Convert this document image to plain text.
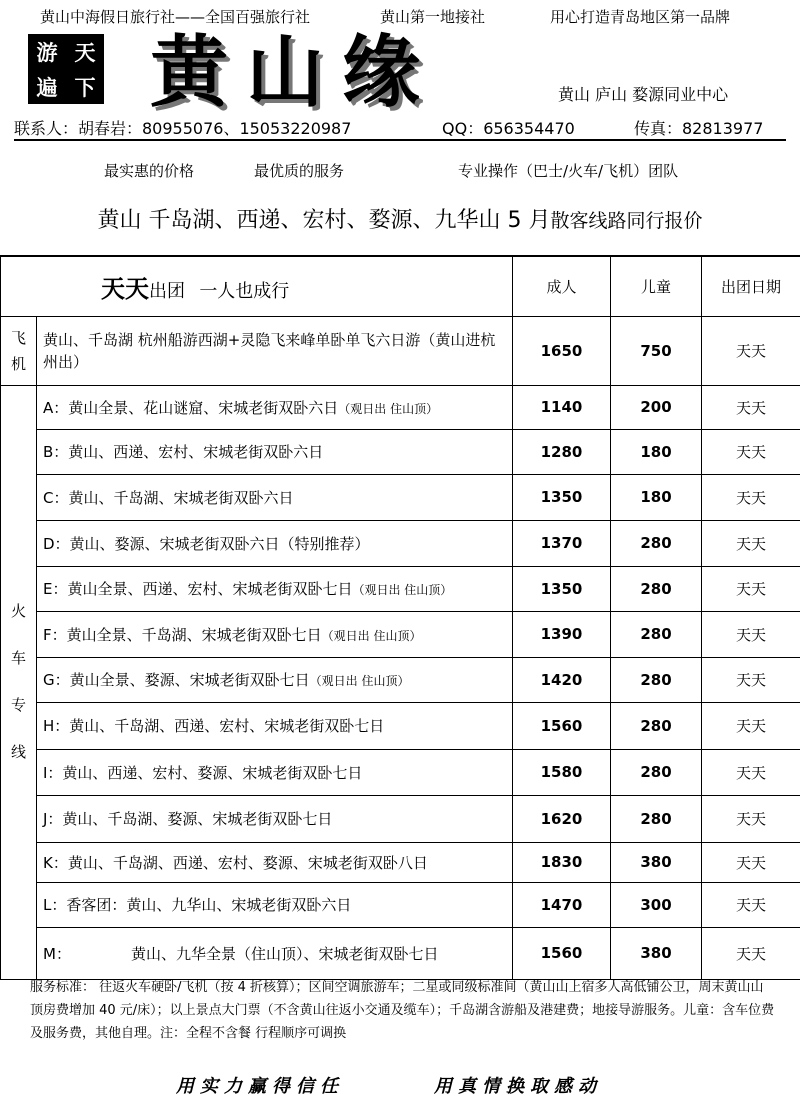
黄山中海假日旅行社——全国百强旅行社	黄山第一地接社	用心打造青岛地区第一品牌
游 天
遍 下 黄山缘	黄山 庐山 婺源同业中心
联系人：胡春岩：80955076、15053220987	QQ：656354470	传真：82813977
最实惠的价格	最优质的服务	专业操作（巴士/火车/飞机）团队
黄山 千岛湖、西递、宏村、婺源、九华山 5 月散客线路同行报价
天天出团 一人也成行		成人	儿童	出团日期

飞
机	黄山、千岛湖 杭州船游西湖+灵隐飞来峰单卧单飞六日游（黄山进杭州出）	1650	750	天天

火
车
专
线	A：黄山全景、花山谜窟、宋城老街双卧六日（观日出 住山顶）	1140	200	天天
	B：黄山、西递、宏村、宋城老街双卧六日	1280	180	天天
	C：黄山、千岛湖、宋城老街双卧六日	1350	180	天天
	D：黄山、婺源、宋城老街双卧六日（特别推荐）	1370	280	天天
	E：黄山全景、西递、宏村、宋城老街双卧七日（观日出 住山顶）	1350	280	天天
	F：黄山全景、千岛湖、宋城老街双卧七日（观日出 住山顶）	1390	280	天天
	G：黄山全景、婺源、宋城老街双卧七日（观日出 住山顶）	1420	280	天天
	H：黄山、千岛湖、西递、宏村、宋城老街双卧七日	1560	280	天天
	I：黄山、西递、宏村、婺源、宋城老街双卧七日	1580	280	天天
	J：黄山、千岛湖、婺源、宋城老街双卧七日	1620	280	天天
	K：黄山、千岛湖、西递、宏村、婺源、宋城老街双卧八日	1830	380	天天
	L：香客团：黄山、九华山、宋城老街双卧六日	1470	300	天天
	M： 黄山、九华全景（住山顶）、宋城老街双卧七日	1560	380	天天
服务标准： 往返火车硬卧/飞机（按 4 折核算）；区间空调旅游车；二星或同级标准间（黄山山上宿多人高低铺公卫，周末黄山山顶房费增加 40 元/床）；以上景点大门票（不含黄山往返小交通及缆车）；千岛湖含游船及港建费；地接导游服务。儿童：含车位费及服务费，其他自理。注：全程不含餐 行程顺序可调换
用实力赢得信任	用真情换取感动
